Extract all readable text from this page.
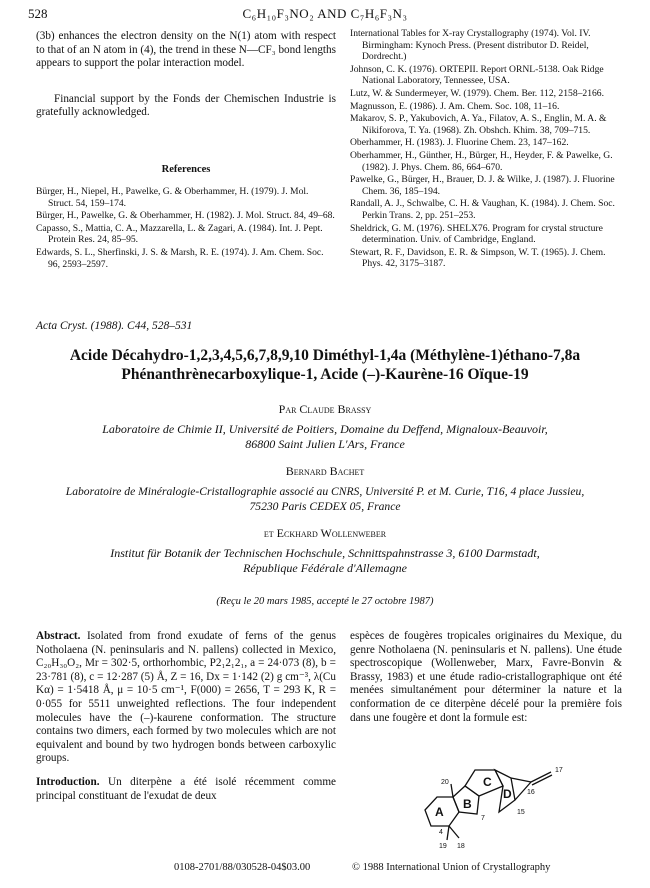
528	C₆H₁₀F₃NO₂ AND C₇H₆F₃N₃

(3b) enhances the electron density on the N(1) atom with respect to that of an N atom in (4), the trend in these N—CF₃ bond lengths appears to support the polar interaction model.

Financial support by the Fonds der Chemischen Industrie is gratefully acknowledged.

References

Bürger, H., Niepel, H., Pawelke, G. & Oberhammer, H. (1979). J. Mol. Struct. 54, 159–174.

Bürger, H., Pawelke, G. & Oberhammer, H. (1982). J. Mol. Struct. 84, 49–68.

Capasso, S., Mattia, C. A., Mazzarella, L. & Zagari, A. (1984). Int. J. Pept. Protein Res. 24, 85–95.

Edwards, S. L., Sherfinski, J. S. & Marsh, R. E. (1974). J. Am. Chem. Soc. 96, 2593–2597.

International Tables for X-ray Crystallography (1974). Vol. IV. Birmingham: Kynoch Press. (Present distributor D. Reidel, Dordrecht.)

Johnson, C. K. (1976). ORTEPII. Report ORNL-5138. Oak Ridge National Laboratory, Tennessee, USA.

Lutz, W. & Sundermeyer, W. (1979). Chem. Ber. 112, 2158–2166.

Magnusson, E. (1986). J. Am. Chem. Soc. 108, 11–16.

Makarov, S. P., Yakubovich, A. Ya., Filatov, A. S., Englin, M. A. & Nikiforova, T. Ya. (1968). Zh. Obshch. Khim. 38, 709–715.

Oberhammer, H. (1983). J. Fluorine Chem. 23, 147–162.

Oberhammer, H., Günther, H., Bürger, H., Heyder, F. & Pawelke, G. (1982). J. Phys. Chem. 86, 664–670.

Pawelke, G., Bürger, H., Brauer, D. J. & Wilke, J. (1987). J. Fluorine Chem. 36, 185–194.

Randall, A. J., Schwalbe, C. H. & Vaughan, K. (1984). J. Chem. Soc. Perkin Trans. 2, pp. 251–253.

Sheldrick, G. M. (1976). SHELX76. Program for crystal structure determination. Univ. of Cambridge, England.

Stewart, R. F., Davidson, E. R. & Simpson, W. T. (1965). J. Chem. Phys. 42, 3175–3187.

Acta Cryst. (1988). C44, 528–531
Acide Décahydro-1,2,3,4,5,6,7,8,9,10 Diméthyl-1,4a (Méthylène-1)éthano-7,8a
Phénanthrènecarboxylique-1, Acide (–)-Kaurène-16 Oïque-19
Par Claude Brassy
Laboratoire de Chimie II, Université de Poitiers, Domaine du Deffend, Mignaloux-Beauvoir,
86800 Saint Julien L'Ars, France
Bernard Bachet
Laboratoire de Minéralogie-Cristallographie associé au CNRS, Université P. et M. Curie, T16, 4 place Jussieu,
75230 Paris CEDEX 05, France
et Eckhard Wollenweber
Institut für Botanik der Technischen Hochschule, Schnittspahnstrasse 3, 6100 Darmstadt,
République Fédérale d'Allemagne
(Reçu le 20 mars 1985, accepté le 27 octobre 1987)

Abstract. Isolated from frond exudate of ferns of the genus Notholaena (N. peninsularis and N. pallens) collected in Mexico, C₂₀H₃₀O₂, Mr = 302·5, orthorhombic, P2₁2₁2₁, a = 24·073 (8), b = 23·781 (8), c = 12·287 (5) Å, Z = 16, Dx = 1·142 (2) g cm⁻³, λ(Cu Kα) = 1·5418 Å, μ = 10·5 cm⁻¹, F(000) = 2656, T = 293 K, R = 0·055 for 5511 unweighted reflections. The four independent molecules have the (–)-kaurene conformation. The structure contains two dimers, each formed by two molecules which are not equivalent and bound by two hydrogen bonds between carboxylic groups.

Introduction. Un diterpène a été isolé récemment comme principal constituant de l'exudat de deux

espèces de fougères tropicales originaires du Mexique, du genre Notholaena (N. peninsularis et N. pallens). Une étude spectroscopique (Wollenweber, Marx, Favre-Bonvin & Brassy, 1983) et une étude radio-cristallographique ont été menées simultanément pour déterminer la nature et la conformation de ce diterpène décelé pour la première fois dans une fougère et dont la formule est:
20
16
17
15
4
7
19 18
A
B
C
D
0108-2701/88/030528-04$03.00	© 1988 International Union of Crystallography
